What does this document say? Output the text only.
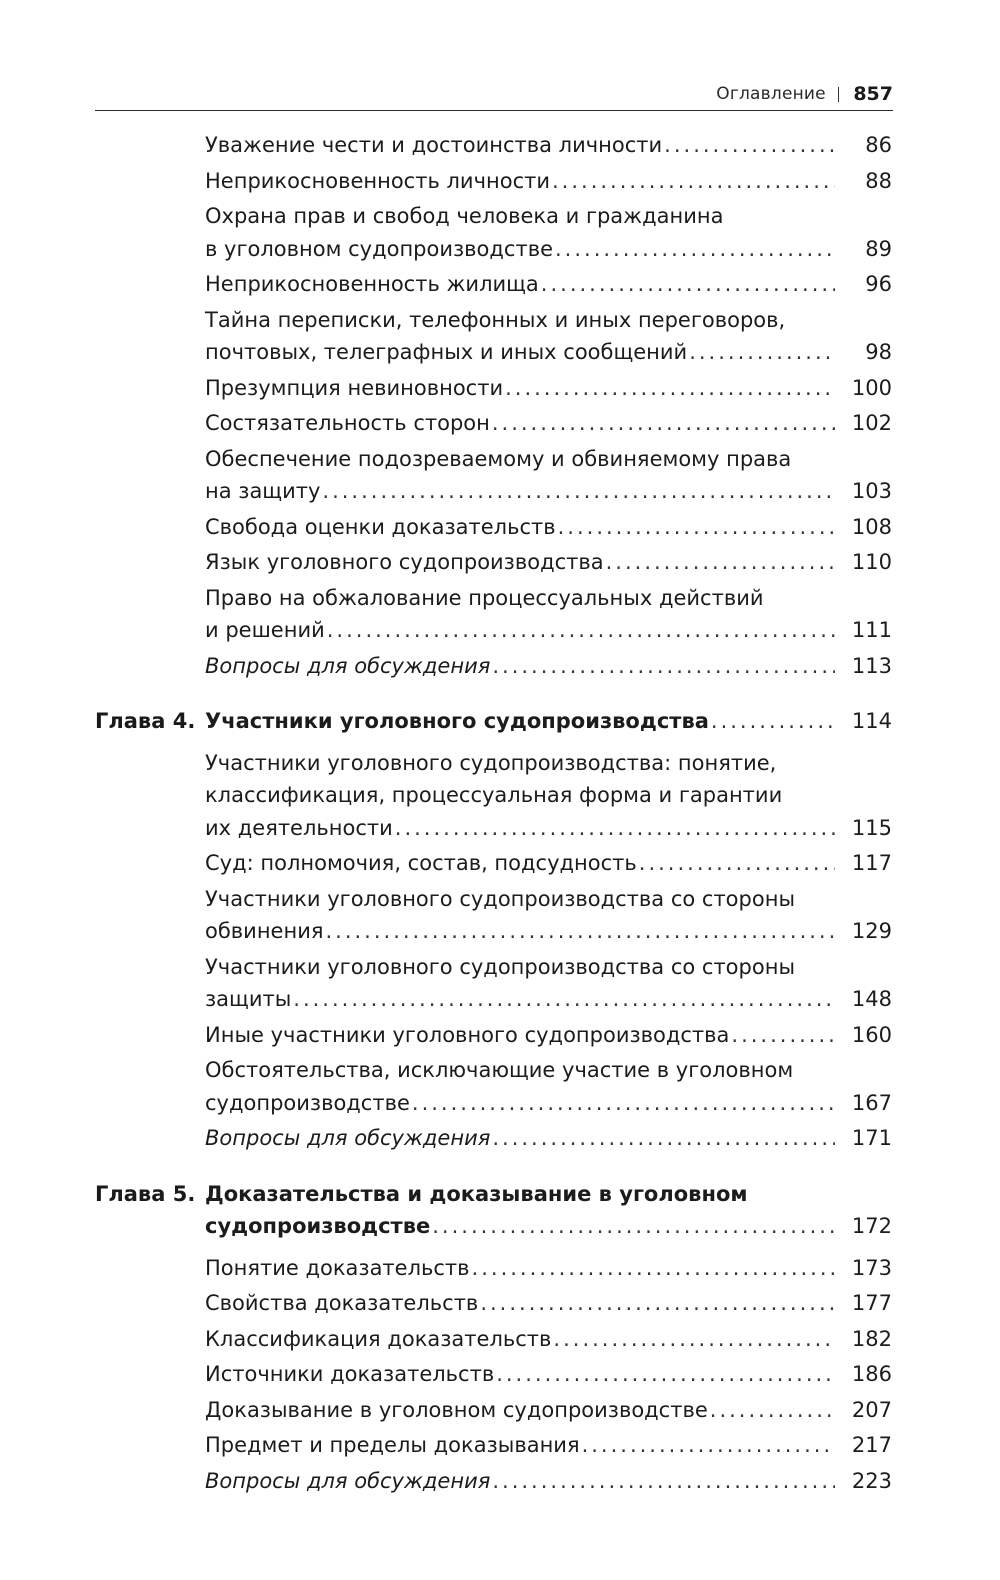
Оглавление 857
Уважение чести и достоинства личности .....	86
Неприкосновенность личности .....	88
Охрана прав и свобод человека и гражданина
в уголовном судопроизводстве .....	89
Неприкосновенность жилища .....	96
Тайна переписки, телефонных и иных переговоров,
почтовых, телеграфных и иных сообщений .....	98
Презумпция невиновности .....	100
Состязательность сторон .....	102
Обеспечение подозреваемому и обвиняемому права
на защиту .....	103
Свобода оценки доказательств .....	108
Язык уголовного судопроизводства .....	110
Право на обжалование процессуальных действий
и решений .....	111
Вопросы для обсуждения .....	113
Глава 4. Участники уголовного судопроизводства .....	114
Участники уголовного судопроизводства: понятие,
классификация, процессуальная форма и гарантии
их деятельности .....	115
Суд: полномочия, состав, подсудность .....	117
Участники уголовного судопроизводства со стороны
обвинения .....	129
Участники уголовного судопроизводства со стороны
защиты .....	148
Иные участники уголовного судопроизводства .....	160
Обстоятельства, исключающие участие в уголовном
судопроизводстве .....	167
Вопросы для обсуждения .....	171
Глава 5. Доказательства и доказывание в уголовном
судопроизводстве .....	172
Понятие доказательств .....	173
Свойства доказательств .....	177
Классификация доказательств .....	182
Источники доказательств .....	186
Доказывание в уголовном судопроизводстве .....	207
Предмет и пределы доказывания .....	217
Вопросы для обсуждения .....	223
